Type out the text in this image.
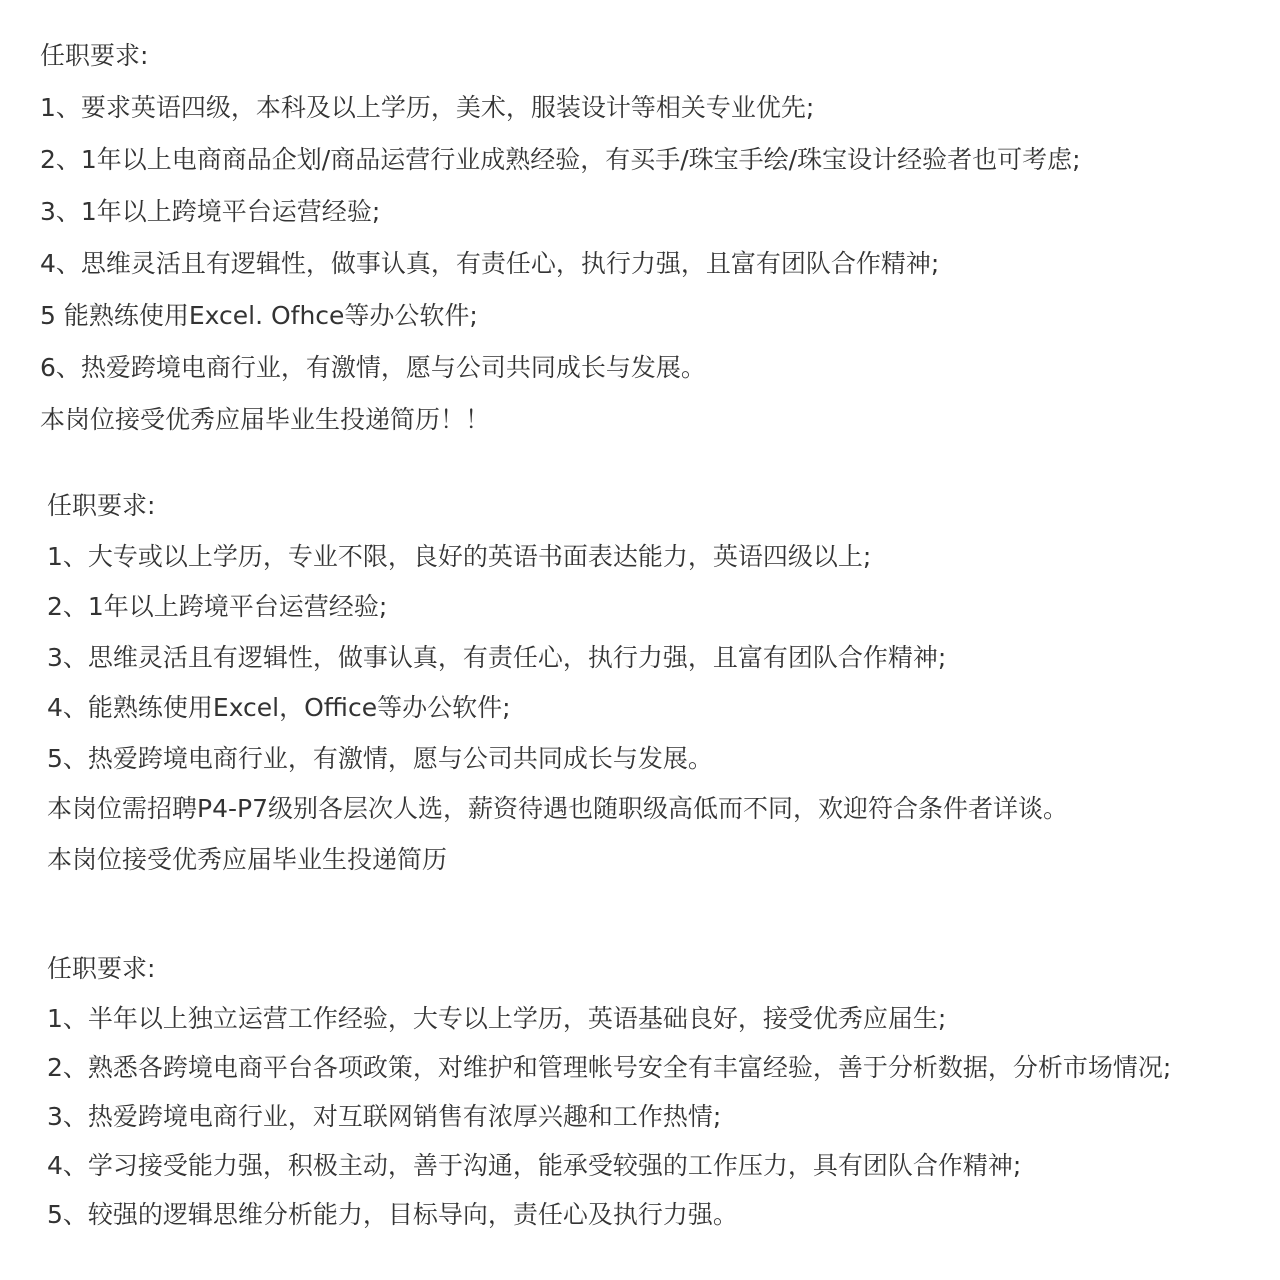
任职要求:
1、要求英语四级，本科及以上学历，美术，服装设计等相关专业优先;
2、1年以上电商商品企划/商品运营行业成熟经验，有买手/珠宝手绘/珠宝设计经验者也可考虑;
3、1年以上跨境平台运营经验;
4、思维灵活且有逻辑性，做事认真，有责任心，执行力强，且富有团队合作精神;
5 能熟练使用Excel. Ofhce等办公软件;
6、热爱跨境电商行业，有激情，愿与公司共同成长与发展。
本岗位接受优秀应届毕业生投递简历！！
任职要求:
1、大专或以上学历，专业不限，良好的英语书面表达能力，英语四级以上;
2、1年以上跨境平台运营经验;
3、思维灵活且有逻辑性，做事认真，有责任心，执行力强，且富有团队合作精神;
4、能熟练使用Excel，Office等办公软件;
5、热爱跨境电商行业，有激情，愿与公司共同成长与发展。
本岗位需招聘P4-P7级别各层次人选，薪资待遇也随职级高低而不同，欢迎符合条件者详谈。
本岗位接受优秀应届毕业生投递简历
任职要求:
1、半年以上独立运营工作经验，大专以上学历，英语基础良好，接受优秀应届生;
2、熟悉各跨境电商平台各项政策，对维护和管理帐号安全有丰富经验，善于分析数据，分析市场情况;
3、热爱跨境电商行业，对互联网销售有浓厚兴趣和工作热情;
4、学习接受能力强，积极主动，善于沟通，能承受较强的工作压力，具有团队合作精神;
5、较强的逻辑思维分析能力，目标导向，责任心及执行力强。
